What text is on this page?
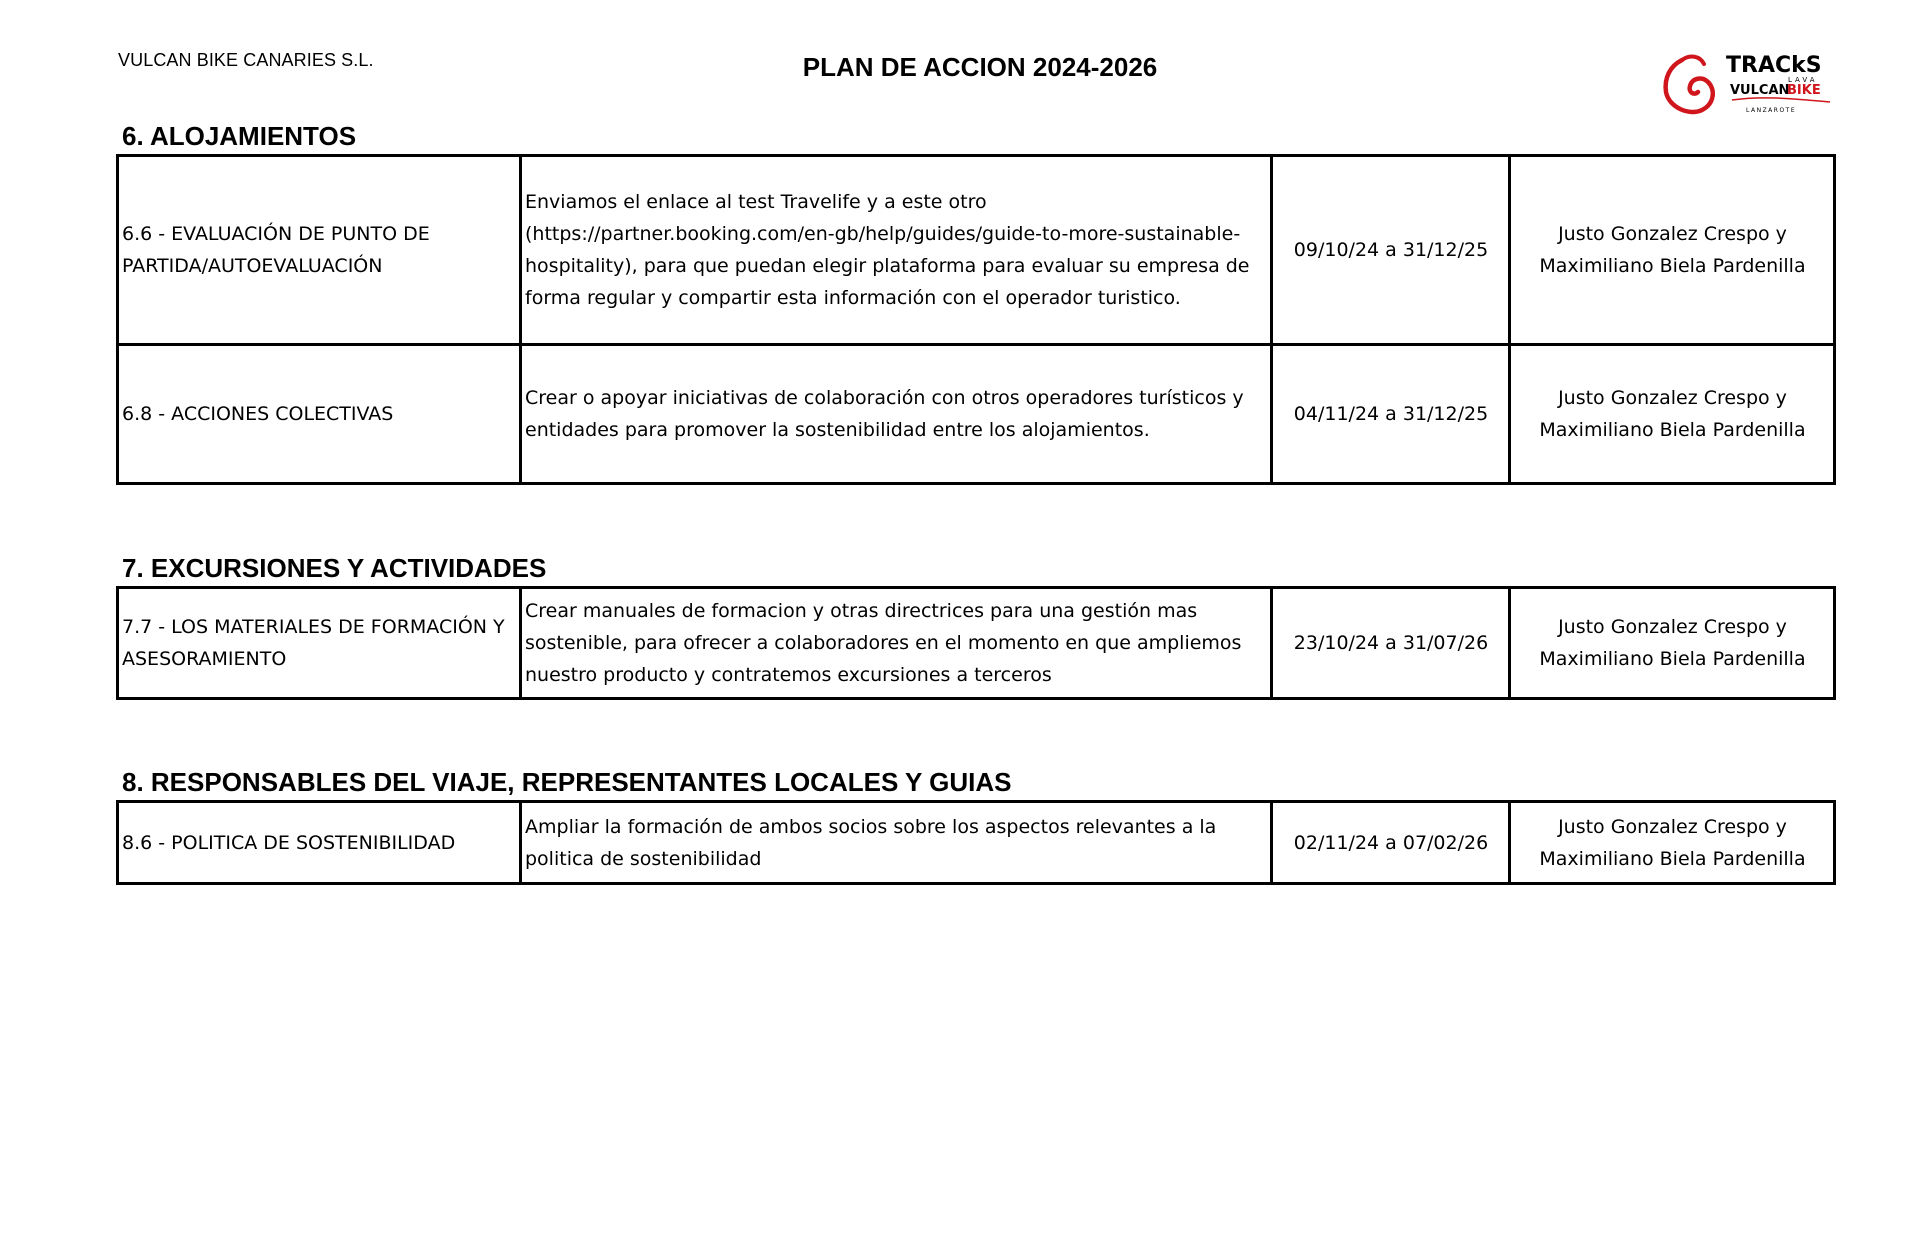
VULCAN BIKE CANARIES S.L.	PLAN DE ACCION 2024-2026	TRACkS
LAVA
VULCAN
BIKE
LANZAROTE
6. ALOJAMIENTOS
6.6 - EVALUACIÓN DE PUNTO DE PARTIDA/AUTOEVALUACIÓN	Enviamos el enlace al test Travelife y a este otro (https://partner.booking.com/en-gb/help/guides/guide-to-more-sustainable-hospitality), para que puedan elegir plataforma para evaluar su empresa de forma regular y compartir esta información con el operador turistico.	09/10/24 a 31/12/25	Justo Gonzalez Crespo y
Maximiliano Biela Pardenilla

6.8 - ACCIONES COLECTIVAS	Crear o apoyar iniciativas de colaboración con otros operadores turísticos y entidades para promover la sostenibilidad entre los alojamientos.	04/11/24 a 31/12/25	Justo Gonzalez Crespo y
Maximiliano Biela Pardenilla
7. EXCURSIONES Y ACTIVIDADES
7.7 - LOS MATERIALES DE FORMACIÓN Y ASESORAMIENTO	Crear manuales de formacion y otras directrices para una gestión mas sostenible, para ofrecer a colaboradores en el momento en que ampliemos nuestro producto y contratemos excursiones a terceros	23/10/24 a 31/07/26	
Justo Gonzalez Crespo y
Maximiliano Biela Pardenilla
8. RESPONSABLES DEL VIAJE, REPRESENTANTES LOCALES Y GUIAS
8.6 - POLITICA DE SOSTENIBILIDAD	Ampliar la formación de ambos socios sobre los aspectos relevantes a la politica de sostenibilidad	02/11/24 a 07/02/26	
Justo Gonzalez Crespo y
Maximiliano Biela Pardenilla
